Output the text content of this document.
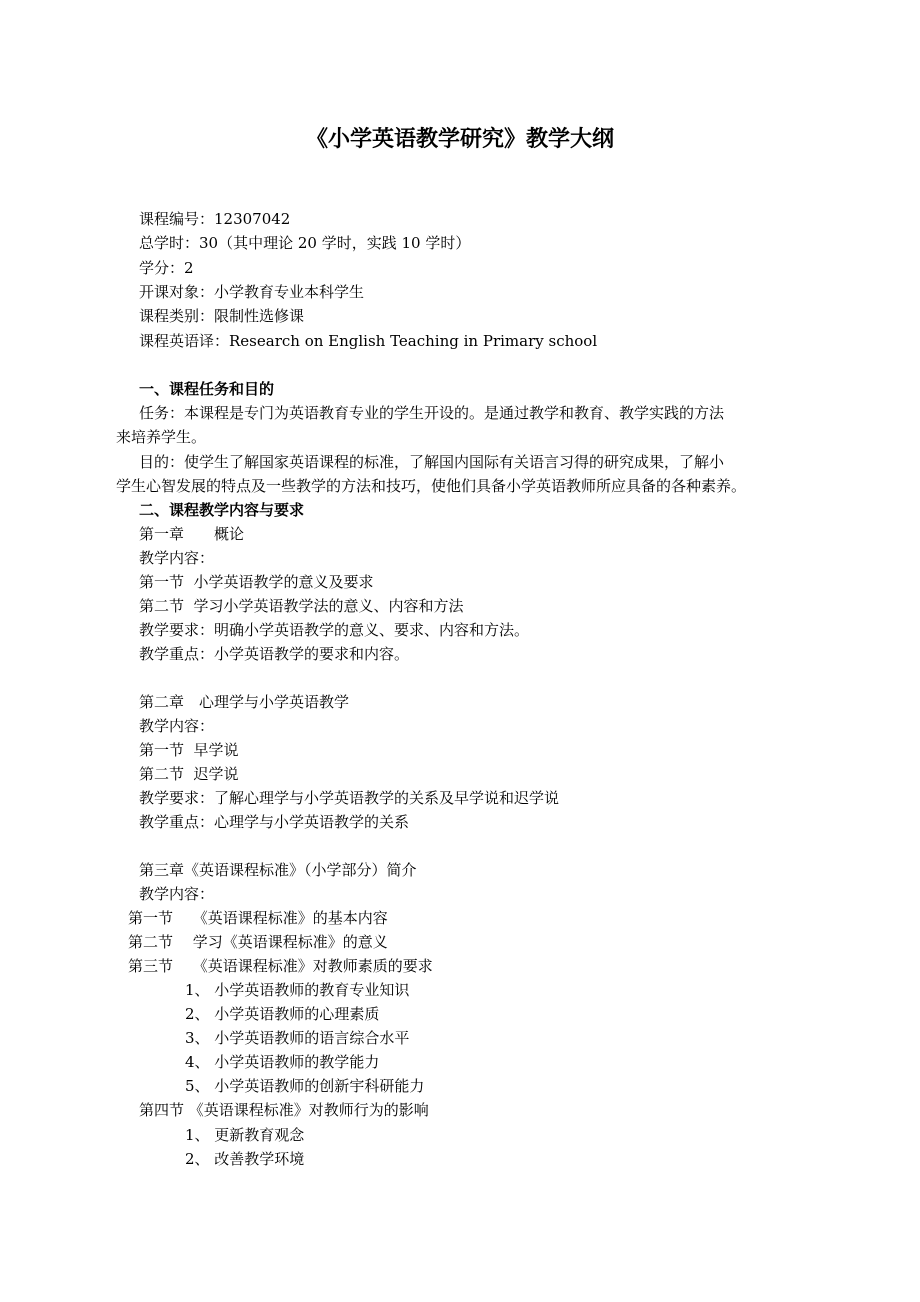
《小学英语教学研究》教学大纲
课程编号：12307042
总学时：30（其中理论 20 学时，实践 10 学时）
学分：2
开课对象：小学教育专业本科学生
课程类别：限制性选修课
课程英语译：Research on English Teaching in Primary school
一、课程任务和目的
任务：本课程是专门为英语教育专业的学生开设的。是通过教学和教育、教学实践的方法
来培养学生。
目的：使学生了解国家英语课程的标准，了解国内国际有关语言习得的研究成果，了解小
学生心智发展的特点及一些教学的方法和技巧，使他们具备小学英语教师所应具备的各种素养。
二、课程教学内容与要求
第一章　　概论
教学内容：
第一节  小学英语教学的意义及要求
第二节  学习小学英语教学法的意义、内容和方法
教学要求：明确小学英语教学的意义、要求、内容和方法。
教学重点：小学英语教学的要求和内容。
第二章　心理学与小学英语教学
教学内容：
第一节  早学说
第二节  迟学说
教学要求：了解心理学与小学英语教学的关系及早学说和迟学说
教学重点：心理学与小学英语教学的关系
第三章《英语课程标准》（小学部分）简介
教学内容：
第一节　 《英语课程标准》的基本内容
第二节　 学习《英语课程标准》的意义
第三节　 《英语课程标准》对教师素质的要求
1、 小学英语教师的教育专业知识
2、 小学英语教师的心理素质
3、 小学英语教师的语言综合水平
4、 小学英语教师的教学能力
5、 小学英语教师的创新宇科研能力
第四节 《英语课程标准》对教师行为的影响
1、 更新教育观念
2、 改善教学环境
